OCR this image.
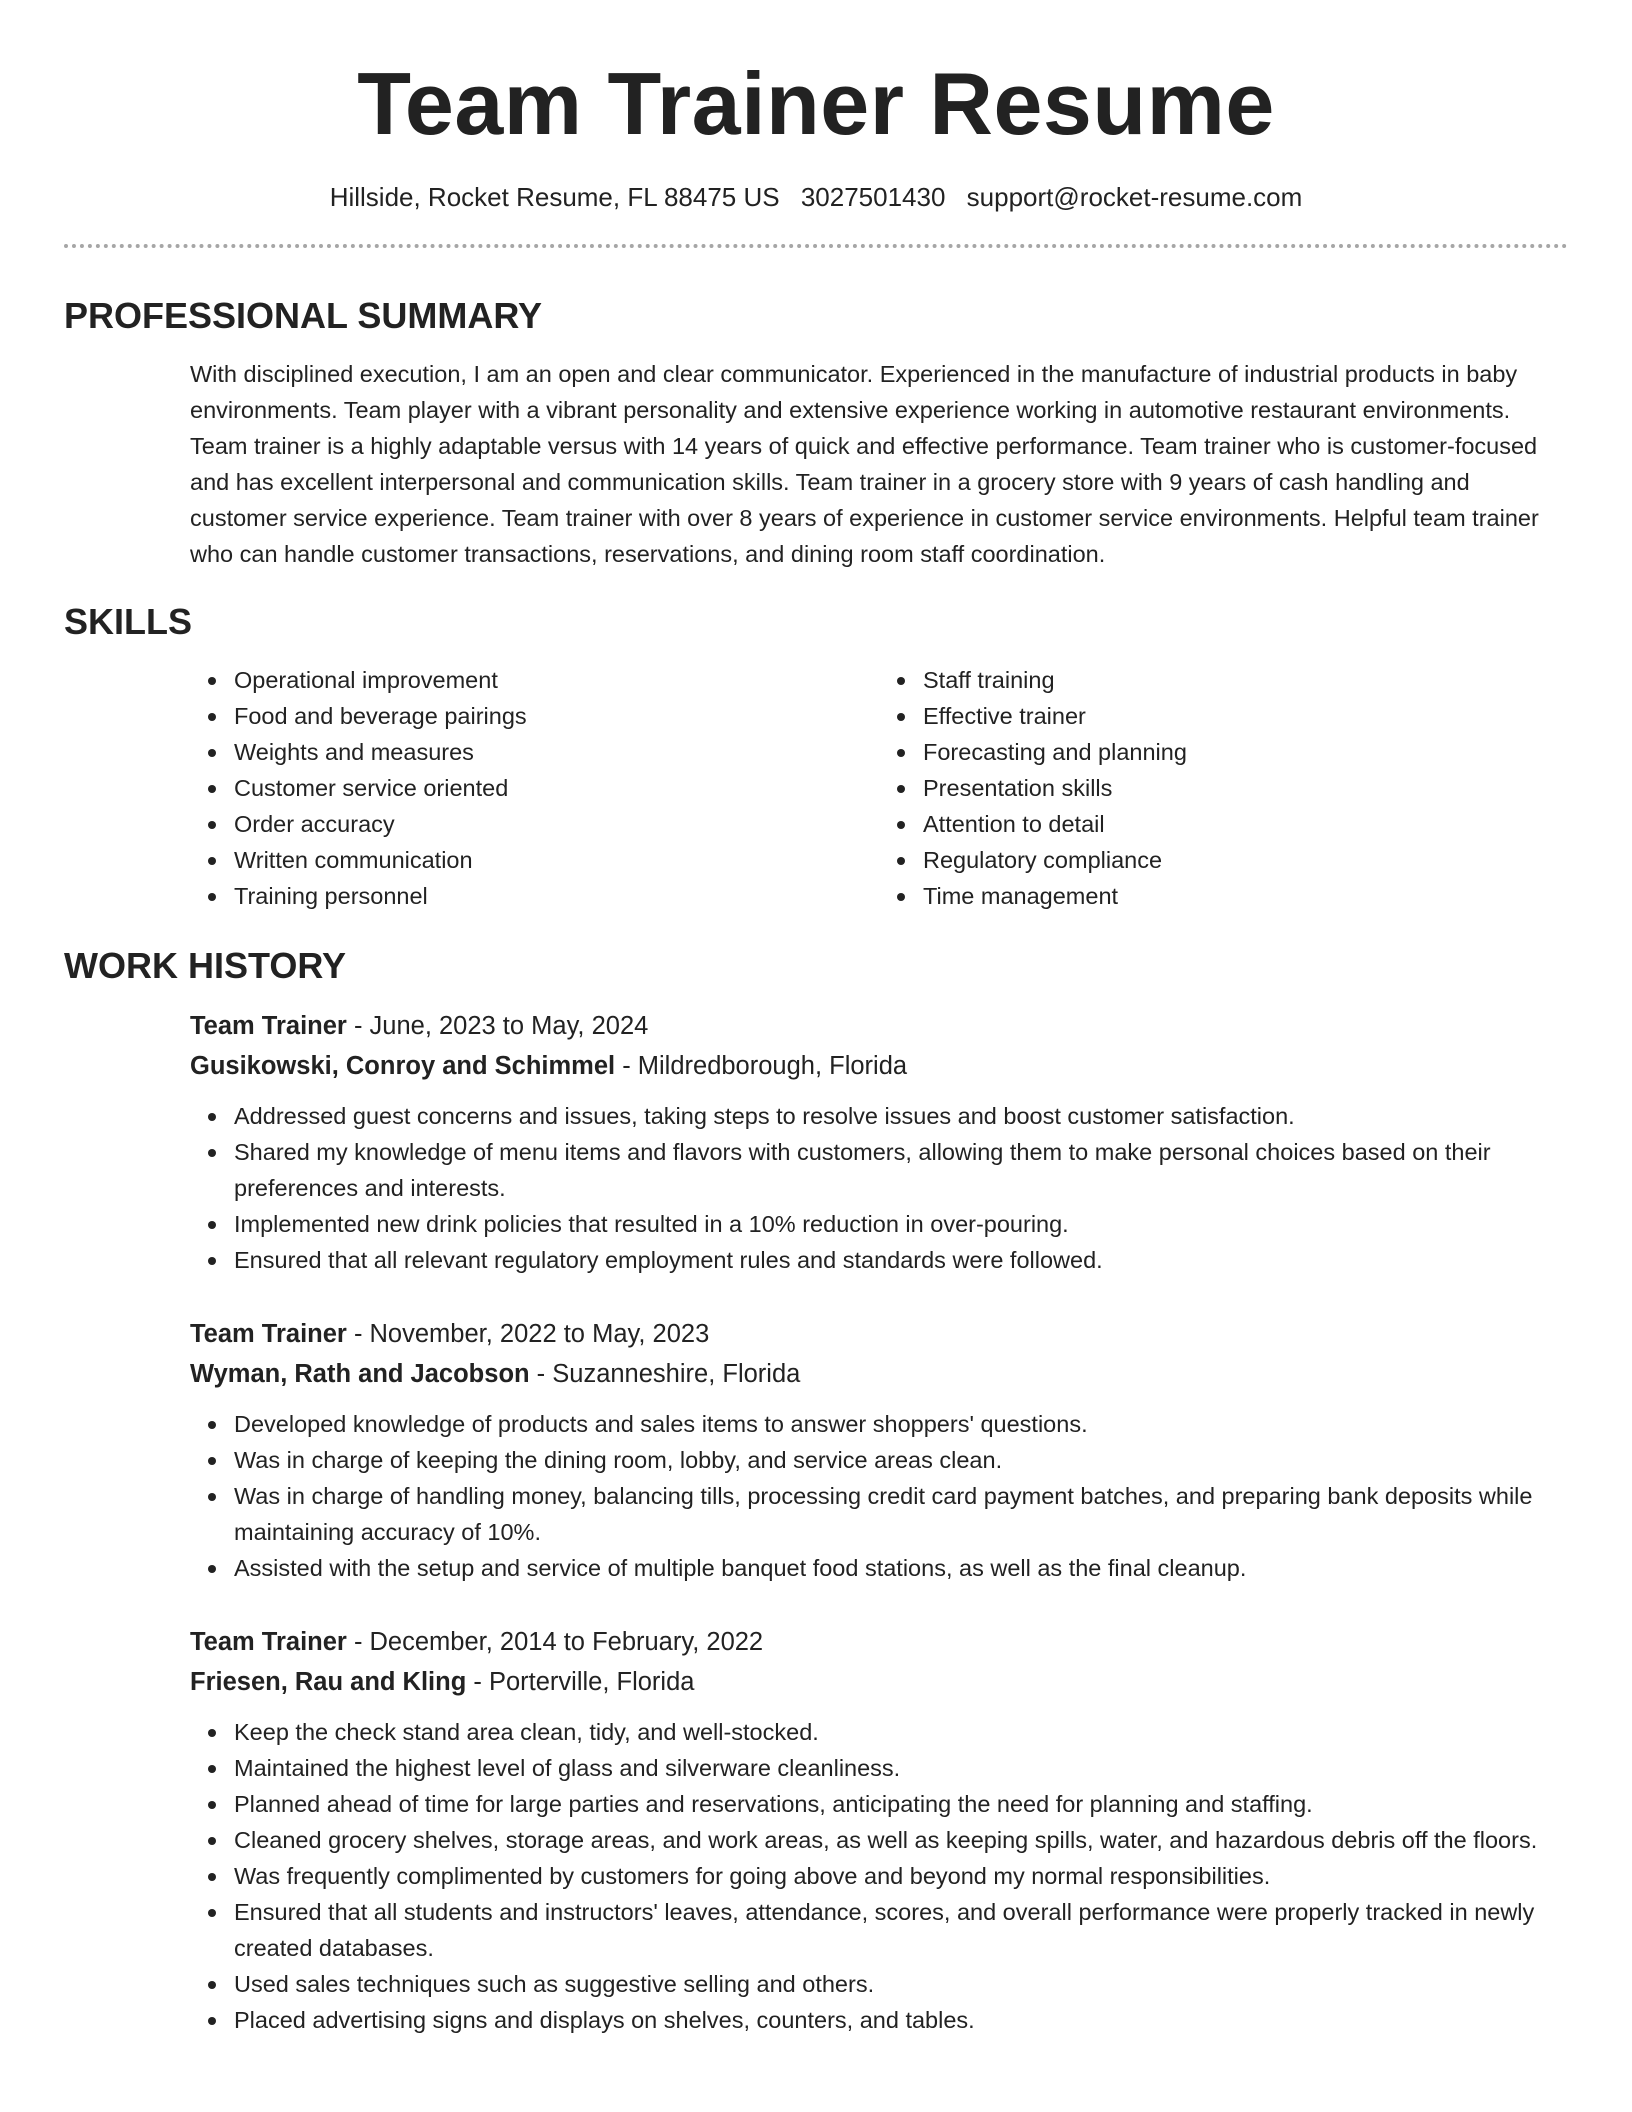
Team Trainer Resume
Hillside, Rocket Resume, FL 88475 US 3027501430 support@rocket-resume.com
PROFESSIONAL SUMMARY

With disciplined execution, I am an open and clear communicator. Experienced in the manufacture of industrial products in baby environments. Team player with a vibrant personality and extensive experience working in automotive restaurant environments. Team trainer is a highly adaptable versus with 14 years of quick and effective performance. Team trainer who is customer-focused and has excellent interpersonal and communication skills. Team trainer in a grocery store with 9 years of cash handling and customer service experience. Team trainer with over 8 years of experience in customer service environments. Helpful team trainer who can handle customer transactions, reservations, and dining room staff coordination.

SKILLS
Operational improvement
Food and beverage pairings
Weights and measures
Customer service oriented
Order accuracy
Written communication
Training personnel
Staff training
Effective trainer
Forecasting and planning
Presentation skills
Attention to detail
Regulatory compliance
Time management
WORK HISTORY
Team Trainer - June, 2023 to May, 2024
Gusikowski, Conroy and Schimmel - Mildredborough, Florida
Addressed guest concerns and issues, taking steps to resolve issues and boost customer satisfaction.
Shared my knowledge of menu items and flavors with customers, allowing them to make personal choices based on their preferences and interests.
Implemented new drink policies that resulted in a 10% reduction in over-pouring.
Ensured that all relevant regulatory employment rules and standards were followed.
Team Trainer - November, 2022 to May, 2023
Wyman, Rath and Jacobson - Suzanneshire, Florida
Developed knowledge of products and sales items to answer shoppers' questions.
Was in charge of keeping the dining room, lobby, and service areas clean.
Was in charge of handling money, balancing tills, processing credit card payment batches, and preparing bank deposits while maintaining accuracy of 10%.
Assisted with the setup and service of multiple banquet food stations, as well as the final cleanup.
Team Trainer - December, 2014 to February, 2022
Friesen, Rau and Kling - Porterville, Florida
Keep the check stand area clean, tidy, and well-stocked.
Maintained the highest level of glass and silverware cleanliness.
Planned ahead of time for large parties and reservations, anticipating the need for planning and staffing.
Cleaned grocery shelves, storage areas, and work areas, as well as keeping spills, water, and hazardous debris off the floors.
Was frequently complimented by customers for going above and beyond my normal responsibilities.
Ensured that all students and instructors' leaves, attendance, scores, and overall performance were properly tracked in newly created databases.
Used sales techniques such as suggestive selling and others.
Placed advertising signs and displays on shelves, counters, and tables.
